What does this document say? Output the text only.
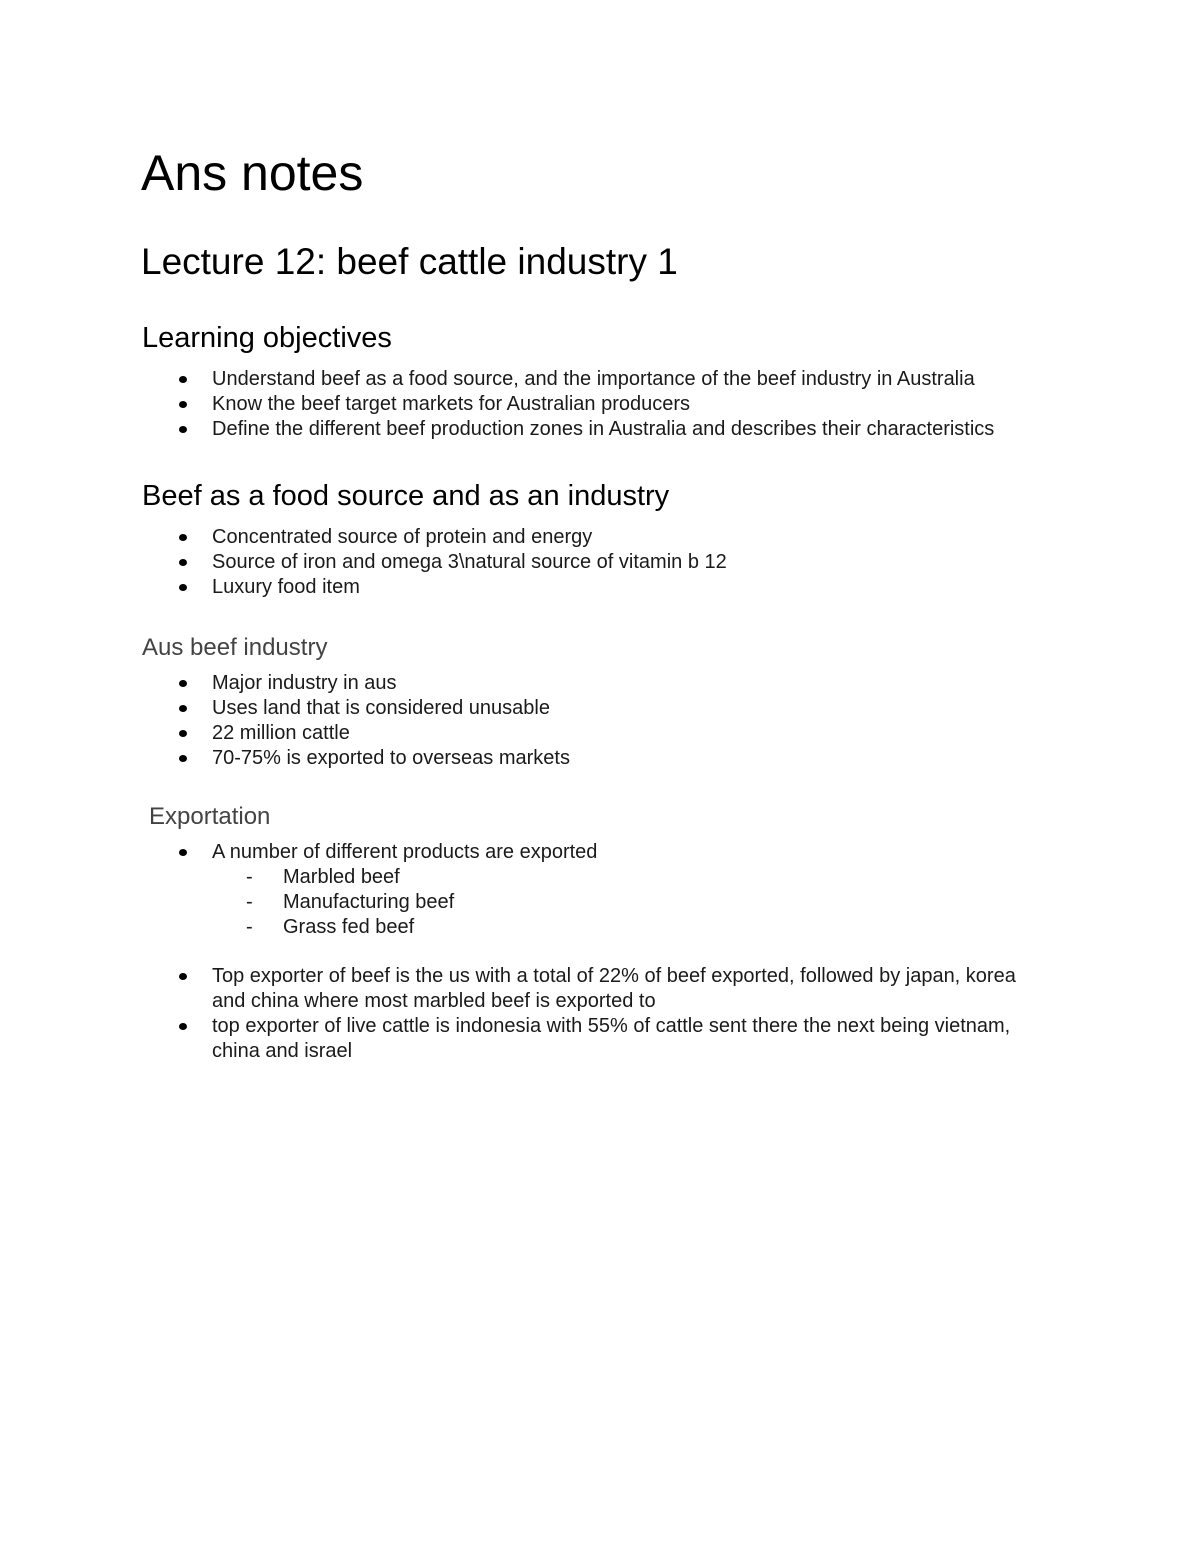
Ans notes
Lecture 12: beef cattle industry 1
Learning objectives
Understand beef as a food source, and the importance of the beef industry in Australia
Know the beef target markets for Australian producers
Define the different beef production zones in Australia and describes their characteristics
Beef as a food source and as an industry
Concentrated source of protein and energy
Source of iron and omega 3\natural source of vitamin b 12
Luxury food item
Aus beef industry
Major industry in aus
Uses land that is considered unusable
22 million cattle
70-75% is exported to overseas markets
Exportation
A number of different products are exported
- Marbled beef
- Manufacturing beef
- Grass fed beef
Top exporter of beef is the us with a total of 22% of beef exported, followed by japan, korea and china where most marbled beef is exported to
top exporter of live cattle is indonesia with 55% of cattle sent there the next being vietnam, china and israel
